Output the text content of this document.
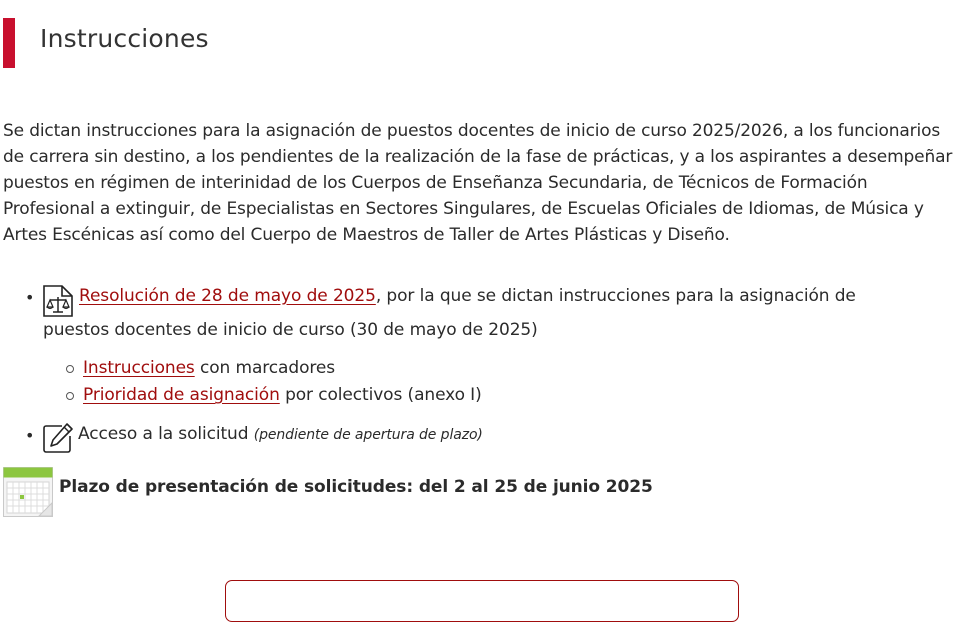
Instrucciones

Se dictan instrucciones para la asignación de puestos docentes de inicio de curso 2025/2026, a los funcionarios de carrera sin destino, a los pendientes de la realización de la fase de prácticas, y a los aspirantes a desempeñar puestos en régimen de interinidad de los Cuerpos de Enseñanza Secundaria, de Técnicos de Formación Profesional a extinguir, de Especialistas en Sectores Singulares, de Escuelas Oficiales de Idiomas, de Música y Artes Escénicas así como del Cuerpo de Maestros de Taller de Artes Plásticas y Diseño.

•	Resolución de 28 de mayo de 2025, por la que se dictan instrucciones para la asignación de
puestos docentes de inicio de curso (30 de mayo de 2025)
Instrucciones con marcadores
Prioridad de asignación por colectivos (anexo I)
•	Acceso a la solicitud (pendiente de apertura de plazo)
Plazo de presentación de solicitudes: del 2 al 25 de junio 2025
